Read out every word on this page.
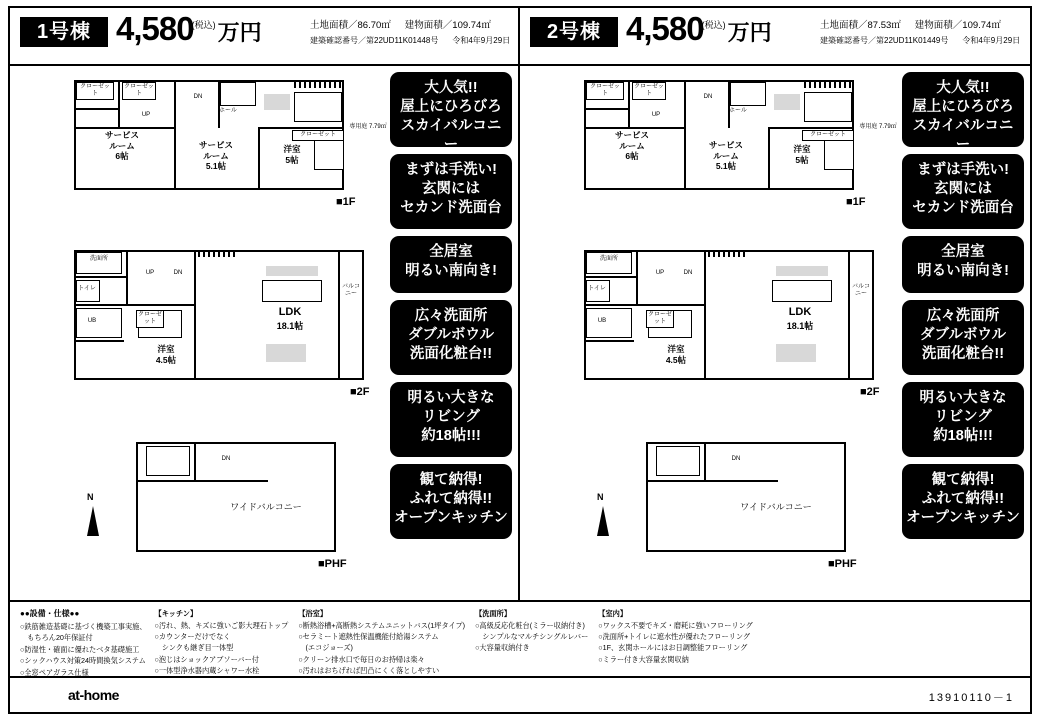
1号棟 $4,580^{(税込)}$万円	土地面積／86.70㎡ 建物面積／109.74㎡
建築確認番号／第22UD11K01448号 令和4年9月29日	2号棟 $4,580^{(税込)}$万円	土地面積／87.53㎡ 建物面積／109.74㎡
建築確認番号／第22UD11K01449号 令和4年9月29日
クローゼット
クローゼット
ホール
UP
DN
クローゼット
専用庭 7.79㎡
サービス
ルーム
6帖
サービス
ルーム
5.1帖
洋室
5帖
■1F
洗面所
トイレ
UB
UP	DN
クローゼット
バルコニー
LDK
18.1帖
洋室
4.5帖
■2F
DN
ワイドバルコニー
■PHF
N
大人気!!
屋上にひろびろ
スカイバルコニー
まずは手洗い!
玄関には
セカンド洗面台
全居室
明るい南向き!
広々洗面所
ダブルボウル
洗面化粧台!!
明るい大きな
リビング
約18帖!!!
観て納得!
ふれて納得!!
オープンキッチン
クローゼット
クローゼット
ホール
UP
DN
クローゼット
専用庭 7.79㎡
サービス
ルーム
6帖
サービス
ルーム
5.1帖
洋室
5帖
■1F
洗面所
トイレ
UB
UP	DN
クローゼット
バルコニー
LDK
18.1帖
洋室
4.5帖
■2F
DN
ワイドバルコニー
■PHF
N
大人気!!
屋上にひろびろ
スカイバルコニー
まずは手洗い!
玄関には
セカンド洗面台
全居室
明るい南向き!
広々洗面所
ダブルボウル
洗面化粧台!!
明るい大きな
リビング
約18帖!!!
観て納得!
ふれて納得!!
オープンキッチン
●●設備・仕様●●
○鉄筋雑造基礎に基づく機築工事実施、
　もちろん20年保証付
○防湿性・確面に優れたベタ基礎施工
○シックハウス対策24時間換気システム
○全窓ペアガラス仕様
【キッチン】
○汚れ、熱、キズに強いご影大理石トップ
○カウンターだけでなく
　シンクも継ぎ目一体型
○泡じはショックアブソーバー付
○一体型浄水器内蔵シャワー水栓
【浴室】
○断熱浴槽+高断熱システムユニットバス(1坪タイプ)
○セラミート遮熱性保温機能付給湯システム
　(エコジョーズ)
○クリーン排水口で毎日のお持帰は楽々
○汚れはおちげれば凹凸にくく落としやすい
【洗面所】
○高級反応化粧台(ミラー収納付き)
　シンプルなマルチシングルレバー
○大容量収納付き
【室内】
○ワックス不要でキズ・磨耗に強いフローリング
○洗面所+トイレに遮水性が優れたフローリング
○1F、玄関ホールにはお日調整能フローリング
○ミラー付き大容量玄関収納
at-home	13910110－1
